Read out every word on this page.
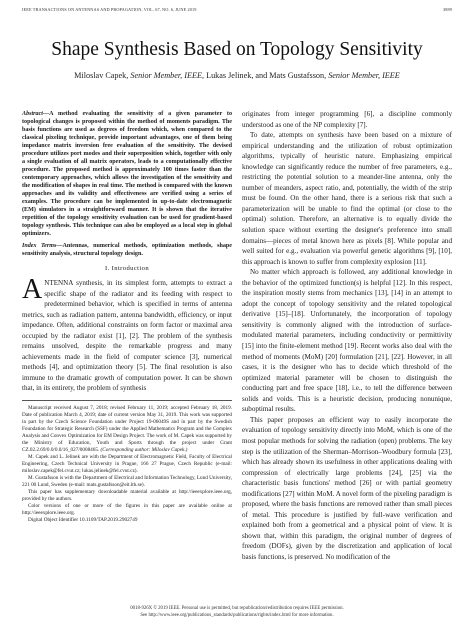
IEEE TRANSACTIONS ON ANTENNAS AND PROPAGATION, VOL. 67, NO. 6, JUNE 2019	3889
Shape Synthesis Based on Topology Sensitivity
Miloslav Capek, Senior Member, IEEE, Lukas Jelinek, and Mats Gustafsson, Senior Member, IEEE

Abstract—A method evaluating the sensitivity of a given parameter to topological changes is proposed within the method of moments paradigm. The basis functions are used as degrees of freedom which, when compared to the classical pixeling technique, provide important advantages, one of them being impedance matrix inversion free evaluation of the sensitivity. The devised procedure utilizes port modes and their superposition which, together with only a single evaluation of all matrix operators, leads to a computationally effective procedure. The proposed method is approximately 100 times faster than the contemporary approaches, which allows the investigation of the sensitivity and the modification of shapes in real time. The method is compared with the known approaches and its validity and effectiveness are verified using a series of examples. The procedure can be implemented in up-to-date electromagnetic (EM) simulators in a straightforward manner. It is shown that the iterative repetition of the topology sensitivity evaluation can be used for gradient-based topology synthesis. This technique can also be employed as a local step in global optimizers.

Index Terms—Antennas, numerical methods, optimization methods, shape sensitivity analysis, structural topology design.

I. Introduction

ANTENNA synthesis, in its simplest form, attempts to extract a specific shape of the radiator and its feeding with respect to predetermined behavior, which is specified in terms of antenna metrics, such as radiation pattern, antenna bandwidth, efficiency, or input impedance. Often, additional constraints on form factor or maximal area occupied by the radiator exist [1], [2]. The problem of the synthesis remains unsolved, despite the remarkable progress and many achievements made in the field of computer science [3], numerical methods [4], and optimization theory [5]. The final resolution is also immune to the dramatic growth of computation power. It can be shown that, in its entirety, the problem of synthesis

Manuscript received August 7, 2018; revised February 11, 2019; accepted February 18, 2019. Date of publication March 4, 2019; date of current version May 31, 2019. This work was supported in part by the Czech Science Foundation under Project 19-06049S and in part by the Swedish Foundation for Strategic Research (SSF) under the Applied Mathematics Program and the Complex Analysis and Convex Optimization for EM Design Project. The work of M. Capek was supported by the Ministry of Education, Youth and Sports through the project under Grant CZ.02.2.69/0.0/0.0/16_027/0008465. (Corresponding author: Miloslav Capek.)

M. Capek and L. Jelinek are with the Department of Electromagnetic Field, Faculty of Electrical Engineering, Czech Technical University in Prague, 166 27 Prague, Czech Republic (e-mail: miloslav.capek@fel.cvut.cz; lukas.jelinek@fel.cvut.cz).

M. Gustafsson is with the Department of Electrical and Information Technology, Lund University, 221 00 Lund, Sweden (e-mail: mats.gustafsson@eit.lth.se).

This paper has supplementary downloadable material available at http://ieeexplore.ieee.org, provided by the authors.

Color versions of one or more of the figures in this paper are available online at http://ieeexplore.ieee.org.

Digital Object Identifier 10.1109/TAP.2019.2902749

originates from integer programming [6], a discipline commonly understood as one of the NP complexity [7].

To date, attempts on synthesis have been based on a mixture of empirical understanding and the utilization of robust optimization algorithms, typically of heuristic nature. Emphasizing empirical knowledge can significantly reduce the number of free parameters, e.g., restricting the potential solution to a meander-line antenna, only the number of meanders, aspect ratio, and, potentially, the width of the strip must be found. On the other hand, there is a serious risk that such a parameterization will be unable to find the optimal (or close to the optimal) solution. Therefore, an alternative is to equally divide the solution space without exerting the designer's preference into small domains—pieces of metal known here as pixels [8]. While popular and well suited for e.g., evaluation via powerful genetic algorithms [9], [10], this approach is known to suffer from complexity explosion [11].

No matter which approach is followed, any additional knowledge in the behavior of the optimized function(s) is helpful [12]. In this respect, the inspiration mostly stems from mechanics [13], [14] in an attempt to adopt the concept of topology sensitivity and the related topological derivative [15]–[18]. Unfortunately, the incorporation of topology sensitivity is commonly aligned with the introduction of surface-modulated material parameters, including conductivity or permittivity [15] into the finite-element method [19]. Recent works also deal with the method of moments (MoM) [20] formulation [21], [22]. However, in all cases, it is the designer who has to decide which threshold of the optimized material parameter will be chosen to distinguish the conducting part and free space [18], i.e., to tell the difference between solids and voids. This is a heuristic decision, producing nonunique, suboptimal results.

This paper proposes an efficient way to easily incorporate the evaluation of topology sensitivity directly into MoM, which is one of the most popular methods for solving the radiation (open) problems. The key step is the utilization of the Sherman–Morrison–Woodbury formula [23], which has already shown its usefulness in other applications dealing with compression of electrically large problems [24], [25] via the characteristic basis functions' method [26] or with partial geometry modifications [27] within MoM. A novel form of the pixeling paradigm is proposed, where the basis functions are removed rather than small pieces of metal. This procedure is justified by full-wave verification and explained both from a geometrical and a physical point of view. It is shown that, within this paradigm, the original number of degrees of freedom (DOFs), given by the discretization and application of local basis functions, is preserved. No modification of the

0018-926X © 2019 IEEE. Personal use is permitted, but republication/redistribution requires IEEE permission.
See http://www.ieee.org/publications_standards/publications/rights/index.html for more information.
